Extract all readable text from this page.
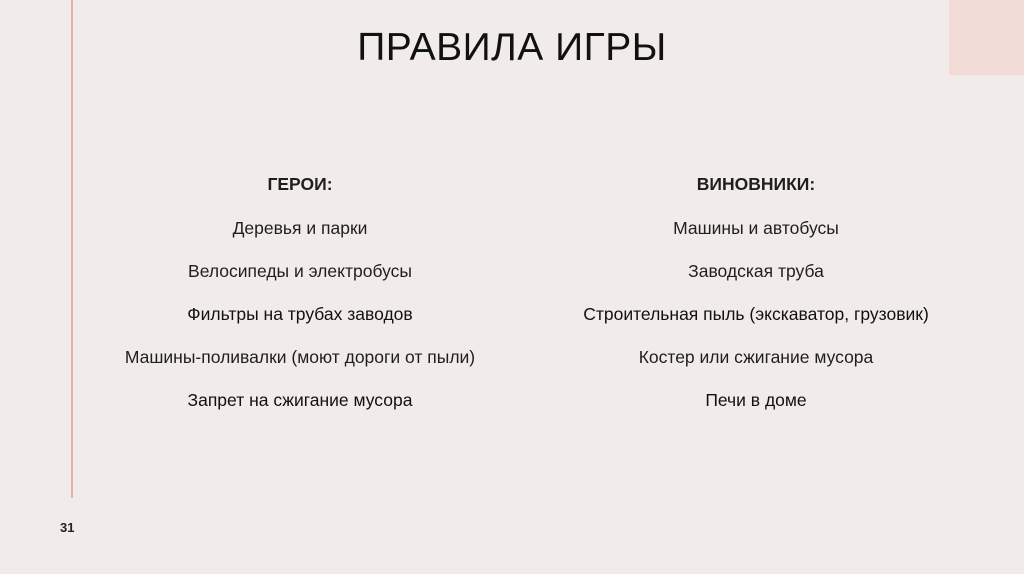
ПРАВИЛА ИГРЫ
ГЕРОИ:
Деревья и парки
Велосипеды и электробусы
Фильтры на трубах заводов
Машины-поливалки (моют дороги от пыли)
Запрет на сжигание мусора
ВИНОВНИКИ:
Машины и автобусы
Заводская труба
Строительная пыль (экскаватор, грузовик)
Костер или сжигание мусора
Печи в доме
31
